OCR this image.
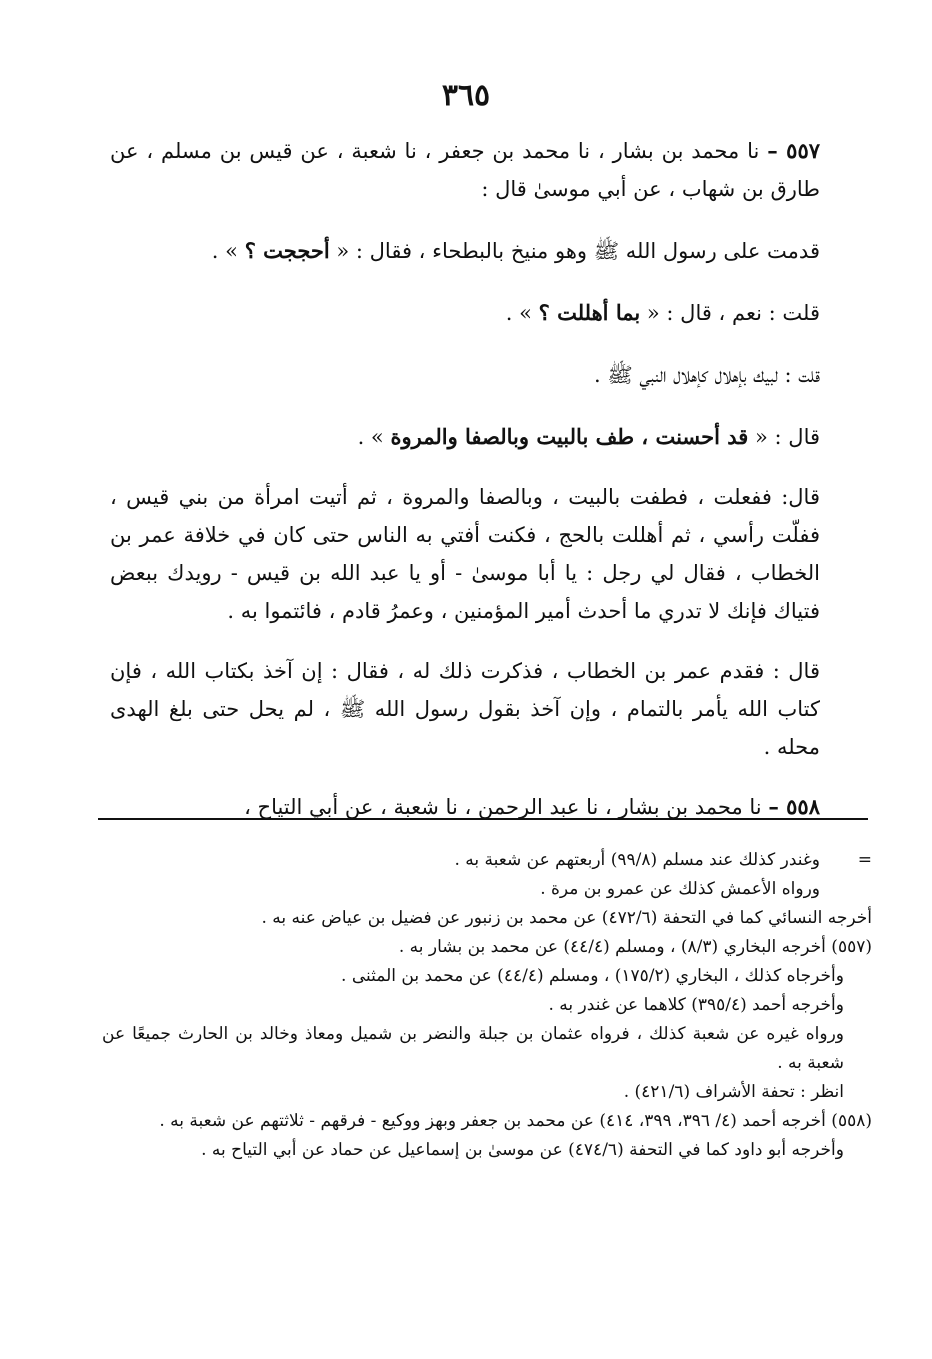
٣٦٥

٥٥٧ – نا محمد بن بشار ، نا محمد بن جعفر ، نا شعبة ، عن قيس بن مسلم ، عن طارق بن شهاب ، عن أبي موسىٰ قال :

قدمت على رسول الله ﷺ وهو منيخ بالبطحاء ، فقال : « أحججت ؟ » .

قلت : نعم ، قال : « بما أهللت ؟ » .

قلت : لبيك بإهلال كإهلال النبي ﷺ .

قال : « قد أحسنت ، طف بالبيت وبالصفا والمروة » .

قال: ففعلت ، فطفت بالبيت ، وبالصفا والمروة ، ثم أتيت امرأة من بني قيس ، ففلّت رأسي ، ثم أهللت بالحج ، فكنت أفتي به الناس حتى كان في خلافة عمر بن الخطاب ، فقال لي رجل : يا أبا موسىٰ - أو يا عبد الله بن قيس - رويدك ببعض فتياك فإنك لا تدري ما أحدث أمير المؤمنين ، وعمرُ قادم ، فائتموا به .

قال : فقدم عمر بن الخطاب ، فذكرت ذلك له ، فقال : إن آخذ بكتاب الله ، فإن كتاب الله يأمر بالتمام ، وإن آخذ بقول رسول الله ﷺ ، لم يحل حتى بلغ الهدى محله .

٥٥٨ – نا محمد بن بشار ، نا عبد الرحمن ، نا شعبة ، عن أبي التياح ،

=
وغندر كذلك عند مسلم (٩٩/٨) أربعتهم عن شعبة به .

ورواه الأعمش كذلك عن عمرو بن مرة .

أخرجه النسائي كما في التحفة (٤٧٢/٦) عن محمد بن زنبور عن فضيل بن عياض عنه به .

(٥٥٧) أخرجه البخاري (٨/٣) ، ومسلم (٤٤/٤) عن محمد بن بشار به .

وأخرجاه كذلك ، البخاري (١٧٥/٢) ، ومسلم (٤٤/٤) عن محمد بن المثنى .

وأخرجه أحمد (٣٩٥/٤) كلاهما عن غندر به .

ورواه غيره عن شعبة كذلك ، فرواه عثمان بن جبلة والنضر بن شميل ومعاذ وخالد بن الحارث جميعًا عن شعبة به .

انظر : تحفة الأشراف (٤٢١/٦) .

(٥٥٨) أخرجه أحمد (٤/ ٣٩٦، ٣٩٩، ٤١٤) عن محمد بن جعفر وبهز ووكيع - فرقهم - ثلاثتهم عن شعبة به .

وأخرجه أبو داود كما في التحفة (٤٧٤/٦) عن موسىٰ بن إسماعيل عن حماد عن أبي التياح به .
